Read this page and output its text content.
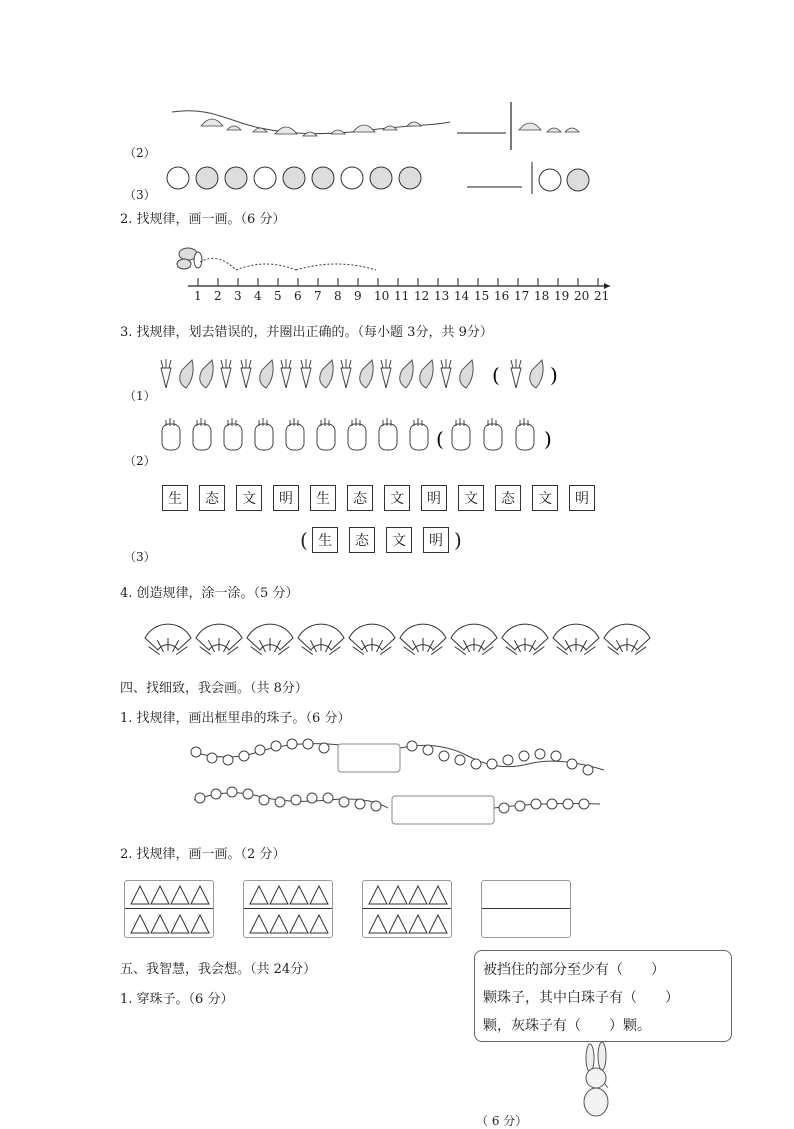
（2）
（3）
2. 找规律，画一画。（6 分）
1 2 3 4 5 6 7 8 9 10 11 12 13 14 15 16 17 18 19 20 21
3. 找规律，划去错误的，并圈出正确的。（每小题 3分，共 9分）
（1）
(	)
（2）
(	)
生	态	文	明	生	态	文	明	文	态	文	明
( 生	态	文	明 )
（3）
4. 创造规律，涂一涂。（5 分）
四、找细致，我会画。（共 8分）
1. 找规律，画出框里串的珠子。（6 分）
2. 找规律，画一画。（2 分）
五、我智慧，我会想。（共 24分）
1. 穿珠子。（6 分）
被挡住的部分至少有（　　）
颗珠子，其中白珠子有（　　）
颗，灰珠子有（　　）颗。
（ 6 分）
